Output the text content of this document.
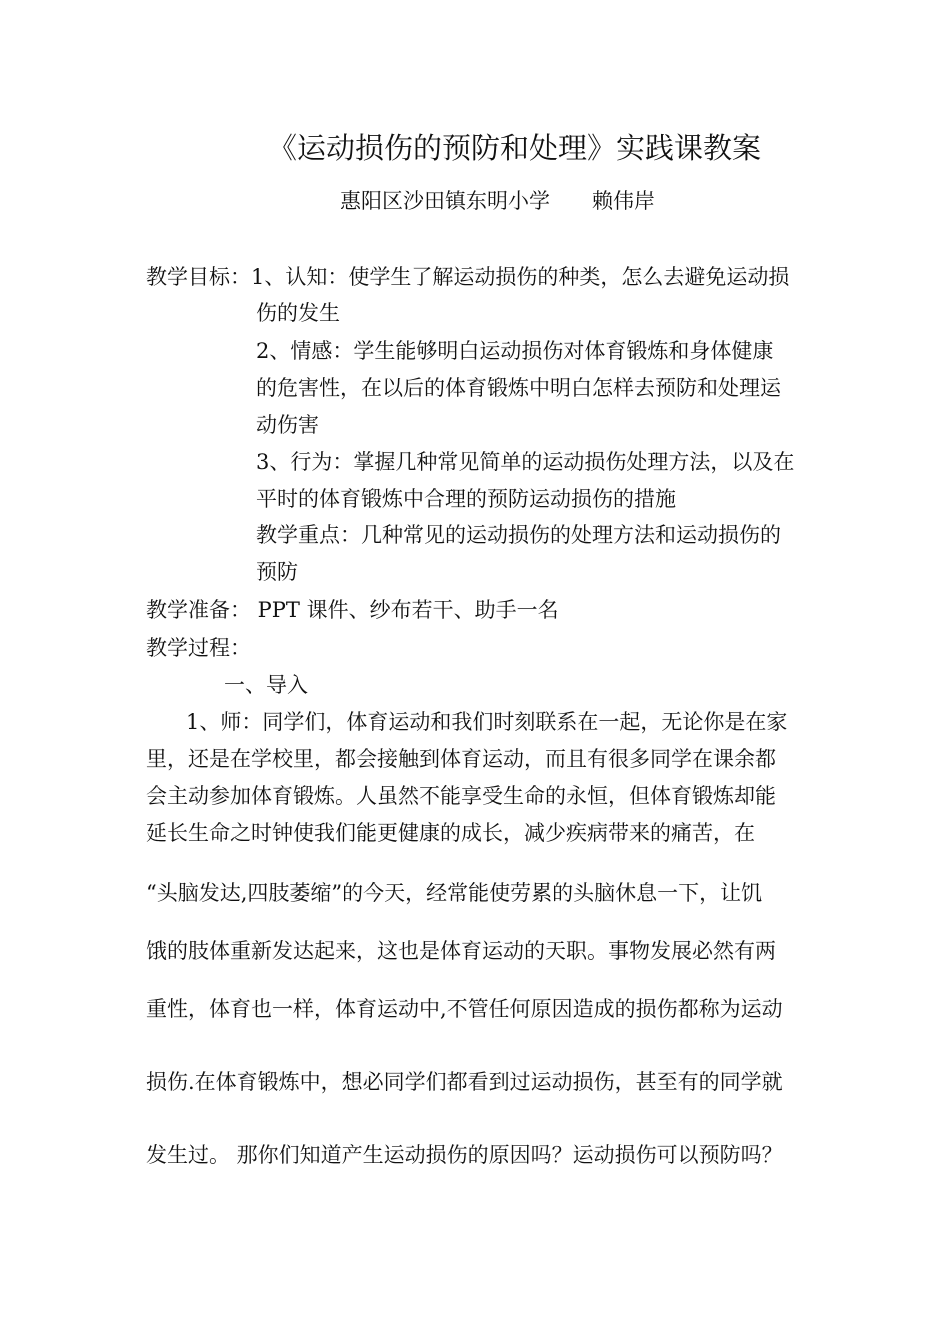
《运动损伤的预防和处理》实践课教案
惠阳区沙田镇东明小学　　赖伟岸
教学目标： 1、认知：使学生了解运动损伤的种类，怎么去避免运动损
伤的发生
2、情感：学生能够明白运动损伤对体育锻炼和身体健康
的危害性，在以后的体育锻炼中明白怎样去预防和处理运
动伤害
3、行为：掌握几种常见简单的运动损伤处理方法，以及在
平时的体育锻炼中合理的预防运动损伤的措施
教学重点：几种常见的运动损伤的处理方法和运动损伤的
预防
教学准备： PPT 课件、纱布若干、助手一名
教学过程：
一、导入
1、师：同学们，体育运动和我们时刻联系在一起，无论你是在家
里，还是在学校里，都会接触到体育运动，而且有很多同学在课余都
会主动参加体育锻炼。人虽然不能享受生命的永恒，但体育锻炼却能
延长生命之时钟使我们能更健康的成长，减少疾病带来的痛苦，在
“头脑发达,四肢萎缩”的今天，经常能使劳累的头脑休息一下，让饥
饿的肢体重新发达起来，这也是体育运动的天职。事物发展必然有两
重性，体育也一样，体育运动中,不管任何原因造成的损伤都称为运动
损伤.在体育锻炼中，想必同学们都看到过运动损伤，甚至有的同学就
发生过。 那你们知道产生运动损伤的原因吗？运动损伤可以预防吗？
